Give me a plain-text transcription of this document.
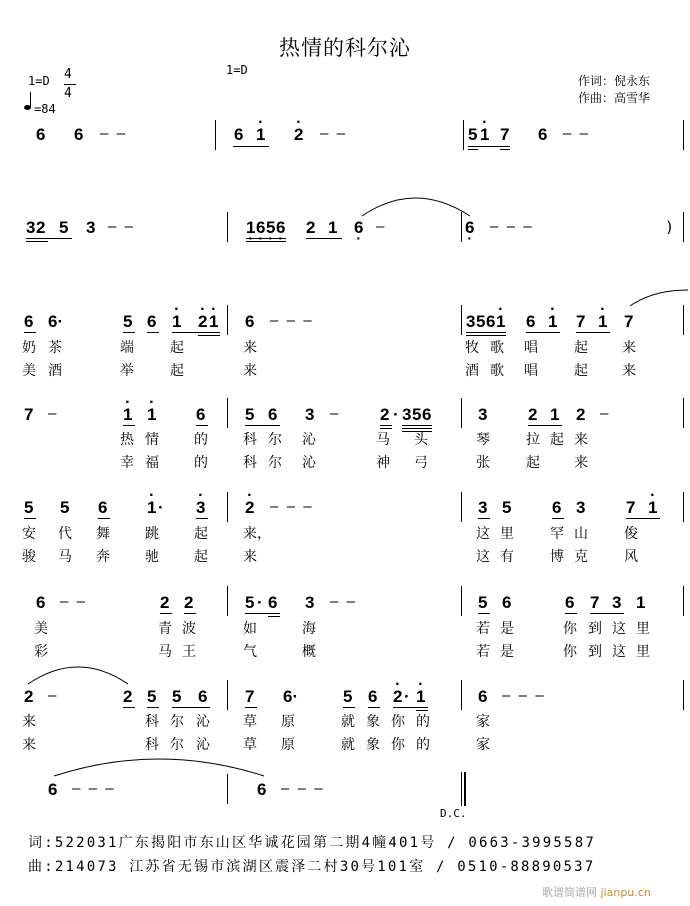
热情的科尔沁
1=D 4
4
=84
1=D
作词：倪永东
作曲：高雪华
6 6 –  –	6 · 1 · 2 –  –	5 · 1 7 6 –  –
3 2 5 3 –  –	1 · 6 · 5 · 6 · 2 1 6 · –	6 · –  –  –	)
6 6·	5 6 · 1 · 2 · 1 6 –  –  –	3 5 6 · 1 6 · 1 7 · 1 7
奶 茶	端	起	来	牧 歌 唱	起 来
美 酒	举	起	来	酒 歌 唱	起 来
7 –	· 1 · 1 6 5 6 3 – 2 · 3 5 6	3 2 1 2 –
热 情	的	科 尔 沁	马 头	琴	拉 起 来
幸 福	的	科 尔 沁	神 弓	张	起 来
5 5 6 · 1 · · 3 · 2 –  –  –	3 5 6 3 7 · 1
安 代 舞	跳	起	来，	这 里	罕 山	俊
骏 马 奔	驰	起	来	这 有	博 克	风
6 –  –	2 2	5 · 6 3 –  –	5 6	6 7 3 1
美	青 波	如	海	若 是	你 到 这 里
彩	马 王	气	概	若 是	你 到 这 里
2 –	2 5 5 6 7 6·	5 6 · 2 · · 1	6 –  –  –
来	科 尔 沁 草 原	就 象 你 的	家
来	科 尔 沁 草 原	就 象 你 的	家
6 –  –  –	6 –  –  –
D.C.
词:522031广东揭阳市东山区华诚花园第二期4幢401号 / 0663-3995587
曲:214073 江苏省无锡市滨湖区震泽二村30号101室 / 0510-88890537
歌谱简谱网 jianpu.cn
